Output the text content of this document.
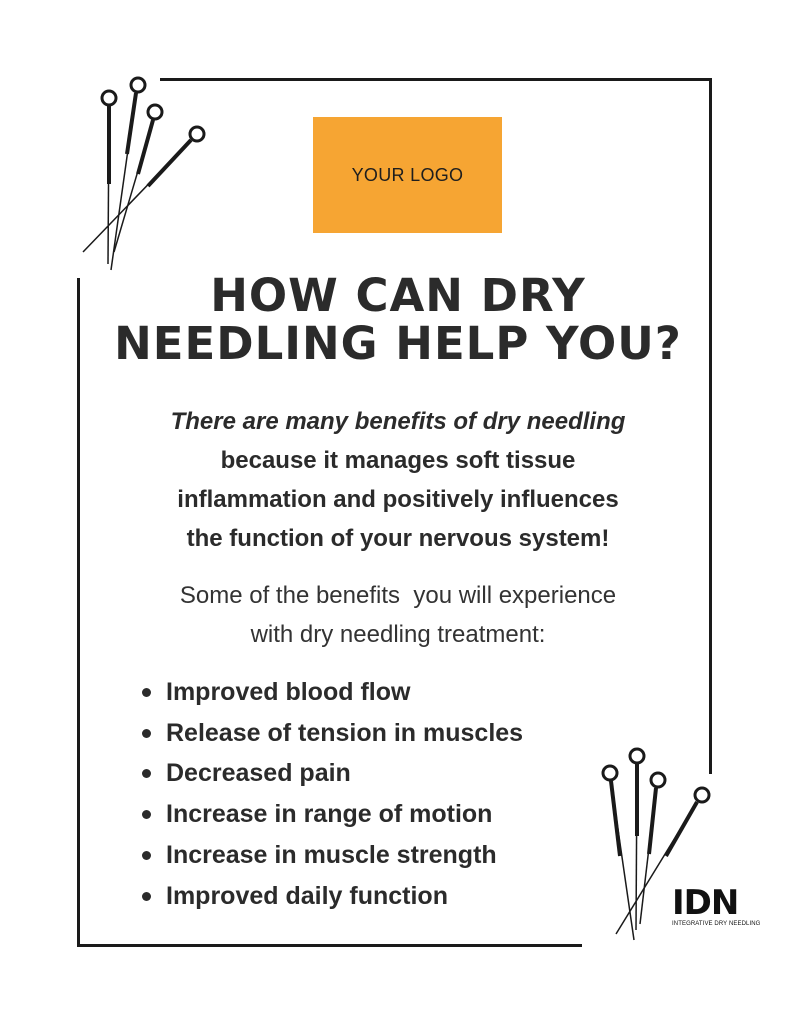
YOUR LOGO
HOW CAN DRY
NEEDLING HELP YOU?

There are many benefits of dry needling
because it manages soft tissue
inflammation and positively influences
the function of your nervous system!

Some of the benefits  you will experience
with dry needling treatment:

Improved blood flow
Release of tension in muscles
Decreased pain
Increase in range of motion
Increase in muscle strength
Improved daily function	IDN
INTEGRATIVE DRY NEEDLING
